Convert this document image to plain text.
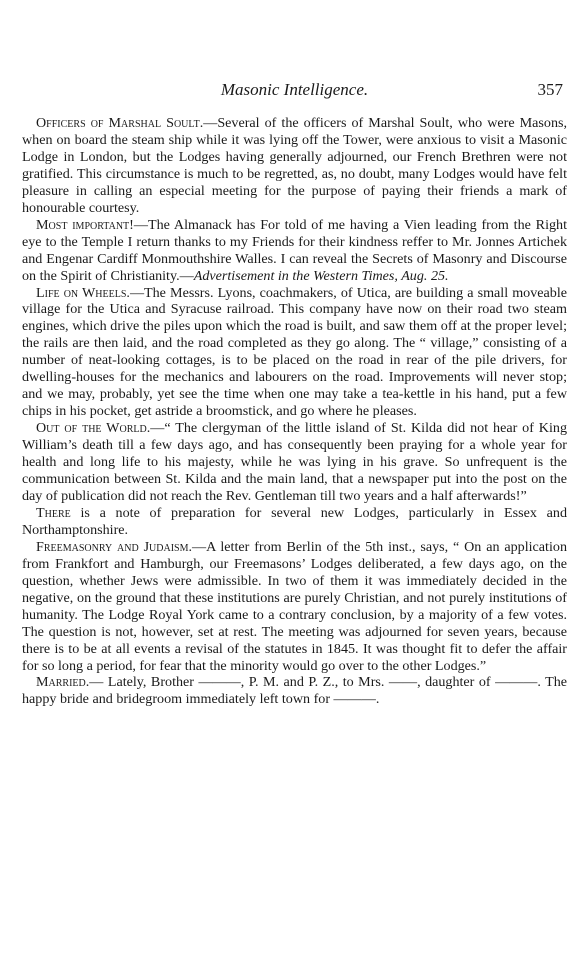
Masonic Intelligence.	357

Officers of Marshal Soult.—Several of the officers of Marshal Soult, who were Masons, when on board the steam ship while it was lying off the Tower, were anxious to visit a Masonic Lodge in London, but the Lodges having generally adjourned, our French Brethren were not gratified. This circumstance is much to be regretted, as, no doubt, many Lodges would have felt pleasure in calling an especial meeting for the purpose of paying their friends a mark of honourable courtesy.

Most important!—The Almanack has For told of me having a Vien leading from the Right eye to the Temple I return thanks to my Friends for their kindness reffer to Mr. Jonnes Artichek and Engenar Cardiff Monmouthshire Walles. I can reveal the Secrets of Masonry and Discourse on the Spirit of Christianity.—Advertisement in the Western Times, Aug. 25.

Life on Wheels.—The Messrs. Lyons, coachmakers, of Utica, are building a small moveable village for the Utica and Syracuse railroad. This company have now on their road two steam engines, which drive the piles upon which the road is built, and saw them off at the proper level; the rails are then laid, and the road completed as they go along. The “ village,” consisting of a number of neat-looking cottages, is to be placed on the road in rear of the pile drivers, for dwelling-houses for the mechanics and labourers on the road. Improvements will never stop; and we may, probably, yet see the time when one may take a tea-kettle in his hand, put a few chips in his pocket, get astride a broomstick, and go where he pleases.

Out of the World.—“ The clergyman of the little island of St. Kilda did not hear of King William’s death till a few days ago, and has consequently been praying for a whole year for health and long life to his majesty, while he was lying in his grave. So unfrequent is the communication between St. Kilda and the main land, that a newspaper put into the post on the day of publication did not reach the Rev. Gentleman till two years and a half afterwards!”

There is a note of preparation for several new Lodges, particularly in Essex and Northamptonshire.

Freemasonry and Judaism.—A letter from Berlin of the 5th inst., says, “ On an application from Frankfort and Hamburgh, our Freemasons’ Lodges deliberated, a few days ago, on the question, whether Jews were admissible. In two of them it was immediately decided in the negative, on the ground that these institutions are purely Christian, and not purely institutions of humanity. The Lodge Royal York came to a contrary conclusion, by a majority of a few votes. The question is not, however, set at rest. The meeting was adjourned for seven years, because there is to be at all events a revisal of the statutes in 1845. It was thought fit to defer the affair for so long a period, for fear that the minority would go over to the other Lodges.”

Married.— Lately, Brother ———, P. M. and P. Z., to Mrs. ——, daughter of ———. The happy bride and bridegroom immediately left town for ———.
